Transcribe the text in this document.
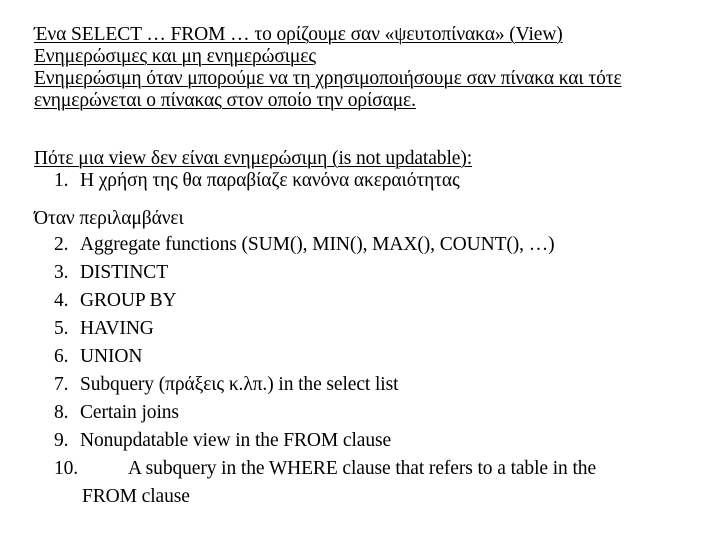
Ένα SELECT … FROM … το ορίζουμε σαν «ψευτοπίνακα» (View)
Ενημερώσιμες και μη ενημερώσιμες
Ενημερώσιμη όταν μπορούμε να τη χρησιμοποιήσουμε σαν πίνακα και τότε
ενημερώνεται ο πίνακας στον οποίο την ορίσαμε.
Πότε μια view δεν είναι ενημερώσιμη (is not updatable):
1. Η χρήση της θα παραβίαζε κανόνα ακεραιότητας
Όταν περιλαμβάνει
2. Aggregate functions (SUM(), MIN(), MAX(), COUNT(), …)
3. DISTINCT
4. GROUP BY
5. HAVING
6. UNION
7. Subquery (πράξεις κ.λπ.) in the select list
8. Certain joins
9. Nonupdatable view in the FROM clause
10.	A subquery in the WHERE clause that refers to a table in the
FROM clause
